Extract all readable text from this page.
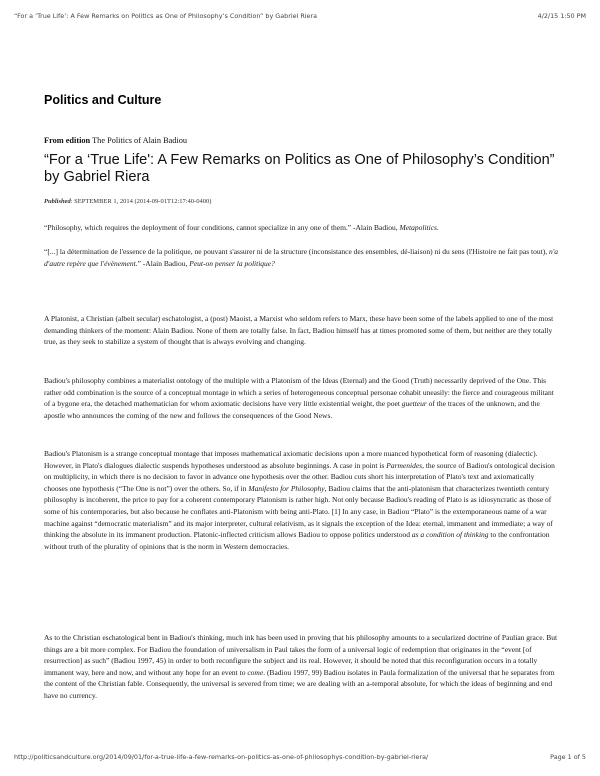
“For a ‘True Life’: A Few Remarks on Politics as One of Philosophy’s Condition” by Gabriel Riera	4/2/15 1:50 PM
Politics and Culture
From edition The Politics of Alain Badiou
“For a ‘True Life': A Few Remarks on Politics as One of Philosophy’s Condition” by Gabriel Riera
Published: SEPTEMBER 1, 2014 (2014-09-01T12:17:40-0400)

“Philosophy, which requires the deployment of four conditions, cannot specialize in any one of them.” -Alain Badiou, Metapolitics.

“[...] la détermination de l'essence de la politique, ne pouvant s'assurer ni de la structure (inconsistance des ensembles, dé-liaison) ni du sens (l'Histoire ne fait pas tout), n'a d'autre repère que l'évènement.” -Alain Badiou, Peut-on penser la politique?

A Platonist, a Christian (albeit secular) eschatologist, a (post) Maoist, a Marxist who seldom refers to Marx, these have been some of the labels applied to one of the most demanding thinkers of the moment: Alain Badiou. None of them are totally false. In fact, Badiou himself has at times promoted some of them, but neither are they totally true, as they seek to stabilize a system of thought that is always evolving and changing.

Badiou's philosophy combines a materialist ontology of the multiple with a Platonism of the Ideas (Eternal) and the Good (Truth) necessarily deprived of the One. This rather odd combination is the source of a conceptual montage in which a series of heterogeneous conceptual personae cohabit uneasily: the fierce and courageous militant of a bygone era, the detached mathematician for whom axiomatic decisions have very little existential weight, the poet guetteur of the traces of the unknown, and the apostle who announces the coming of the new and follows the consequences of the Good News.

Badiou's Platonism is a strange conceptual montage that imposes mathematical axiomatic decisions upon a more nuanced hypothetical form of reasoning (dialectic). However, in Plato's dialogues dialectic suspends hypotheses understood as absolute beginnings. A case in point is Parmenides, the source of Badiou's ontological decision on multiplicity, in which there is no decision to favor in advance one hypothesis over the other. Badiou cuts short his interpretation of Plato's text and axiomatically chooses one hypothesis (“The One is not”) over the others. So, if in Manifesto for Philosophy, Badiou claims that the anti-platonism that characterizes twentieth century philosophy is incoherent, the price to pay for a coherent contemporary Platonism is rather high. Not only because Badiou's reading of Plato is as idiosyncratic as those of some of his contemporaries, but also because he conflates anti-Platonism with being anti-Plato. [1] In any case, in Badiou “Plato” is the extemporaneous name of a war machine against “democratic materialism” and its major interpreter, cultural relativism, as it signals the exception of the Idea: eternal, immanent and immediate; a way of thinking the absolute in its immanent production. Platonic-inflected criticism allows Badiou to oppose politics understood as a condition of thinking to the confrontation without truth of the plurality of opinions that is the norm in Western democracies.

As to the Christian eschatological bent in Badiou's thinking, much ink has been used in proving that his philosophy amounts to a secularized doctrine of Paulian grace. But things are a bit more complex. For Badiou the foundation of universalism in Paul takes the form of a universal logic of redemption that originates in the “event [of resurrection] as such” (Badiou 1997, 45) in order to both reconfigure the subject and its real. However, it should be noted that this reconfiguration occurs in a totally immanent way, here and now, and without any hope for an event to come. (Badiou 1997, 99) Badiou isolates in Paula formalization of the universal that he separates from the content of the Christian fable. Consequently, the universal is severed from time; we are dealing with an a-temporal absolute, for which the ideas of beginning and end have no currency.

http://politicsandculture.org/2014/09/01/for-a-true-life-a-few-remarks-on-politics-as-one-of-philosophys-condition-by-gabriel-riera/	Page 1 of 5
